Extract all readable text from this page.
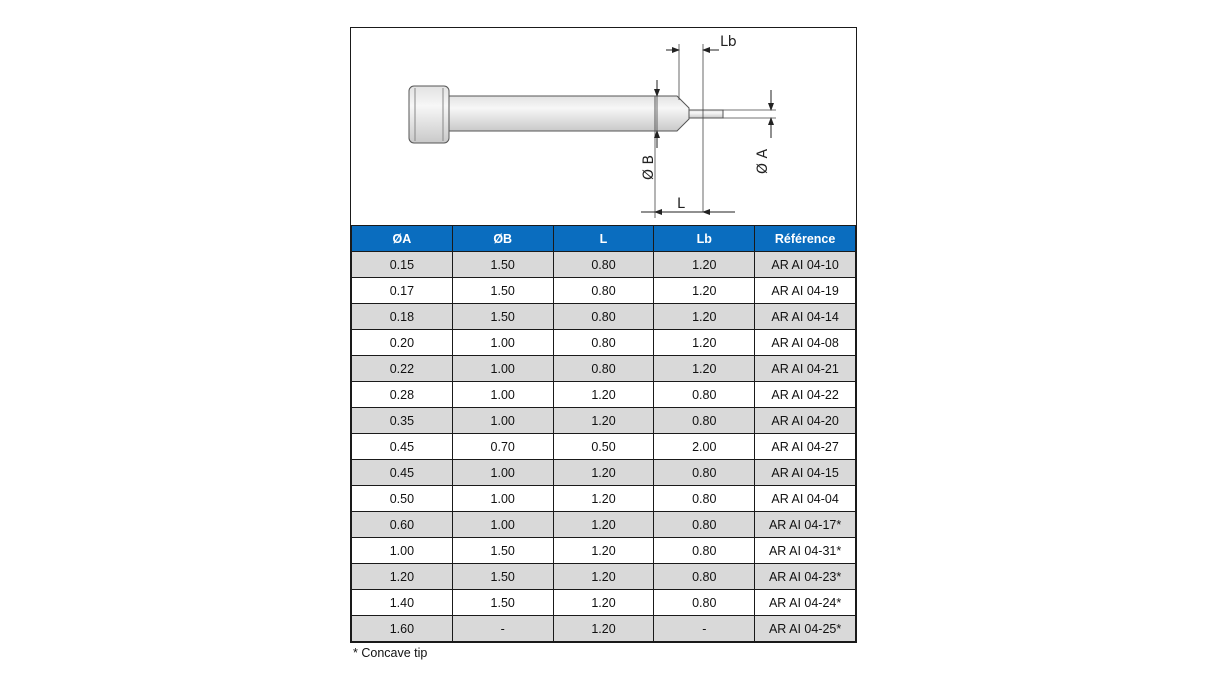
Lb
L
Ø B	Ø A
ØA	ØB	L	Lb	Référence
0.15	1.50	0.80	1.20	AR AI 04-10
0.17	1.50	0.80	1.20	AR AI 04-19
0.18	1.50	0.80	1.20	AR AI 04-14
0.20	1.00	0.80	1.20	AR AI 04-08
0.22	1.00	0.80	1.20	AR AI 04-21
0.28	1.00	1.20	0.80	AR AI 04-22
0.35	1.00	1.20	0.80	AR AI 04-20
0.45	0.70	0.50	2.00	AR AI 04-27
0.45	1.00	1.20	0.80	AR AI 04-15
0.50	1.00	1.20	0.80	AR AI 04-04
0.60	1.00	1.20	0.80	AR AI 04-17*
1.00	1.50	1.20	0.80	AR AI 04-31*
1.20	1.50	1.20	0.80	AR AI 04-23*
1.40	1.50	1.20	0.80	AR AI 04-24*
1.60	-	1.20	-	AR AI 04-25*
* Concave tip
